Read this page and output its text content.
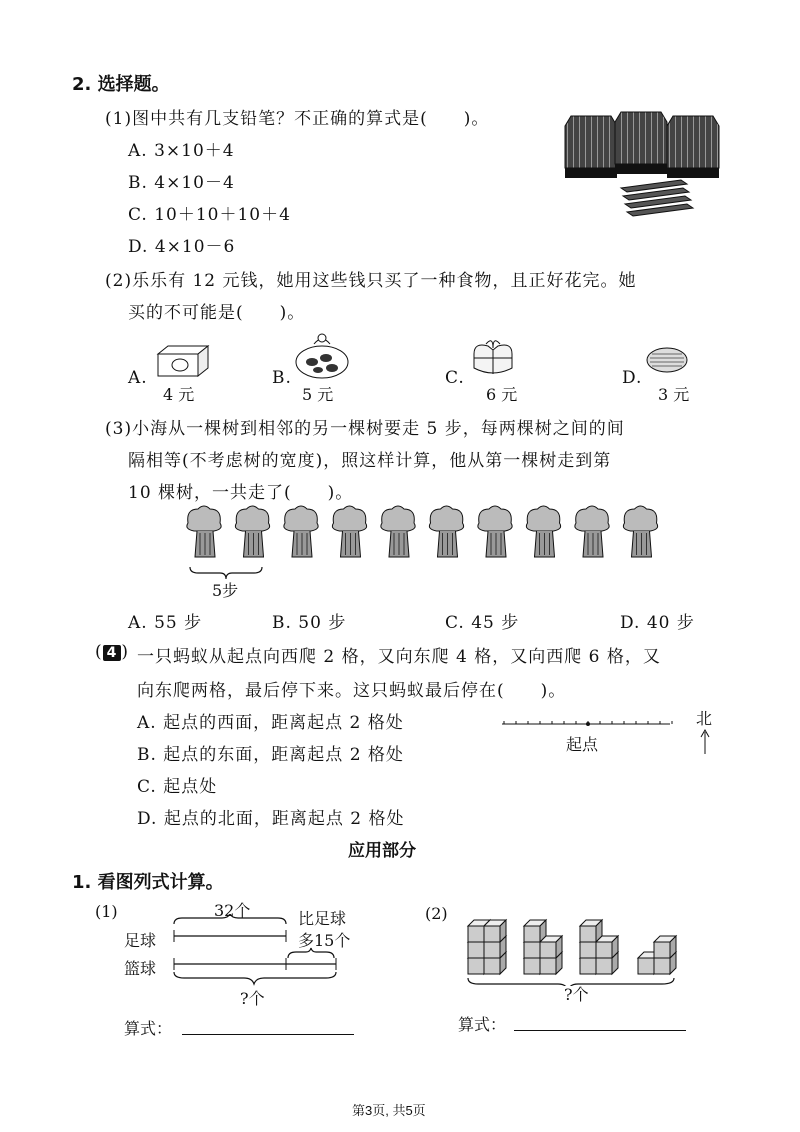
2. 选择题。
(1)图中共有几支铅笔？不正确的算式是(　　)。
A. 3×10＋4
B. 4×10－4
C. 10＋10＋10＋4
D. 4×10－6
(2)乐乐有 12 元钱，她用这些钱只买了一种食物，且正好花完。她
买的不可能是(　　)。
A.
4 元
B.
5 元
C.
6 元
D.
3 元
(3)小海从一棵树到相邻的另一棵树要走 5 步，每两棵树之间的间
隔相等(不考虑树的宽度)，照这样计算，他从第一棵树走到第
10 棵树，一共走了(　　)。
5步
A. 55 步	B. 50 步	C. 45 步	D. 40 步
( 4 ) 一只蚂蚁从起点向西爬 2 格，又向东爬 4 格，又向西爬 6 格，又
向东爬两格，最后停下来。这只蚂蚁最后停在(　　)。
A. 起点的西面，距离起点 2 格处
B. 起点的东面，距离起点 2 格处
C. 起点处
D. 起点的北面，距离起点 2 格处
起点
北
应用部分
1. 看图列式计算。
(1)	32个	比足球
多15个
足球
篮球
?个
算式：
(2)
?个
算式：
第3页, 共5页
